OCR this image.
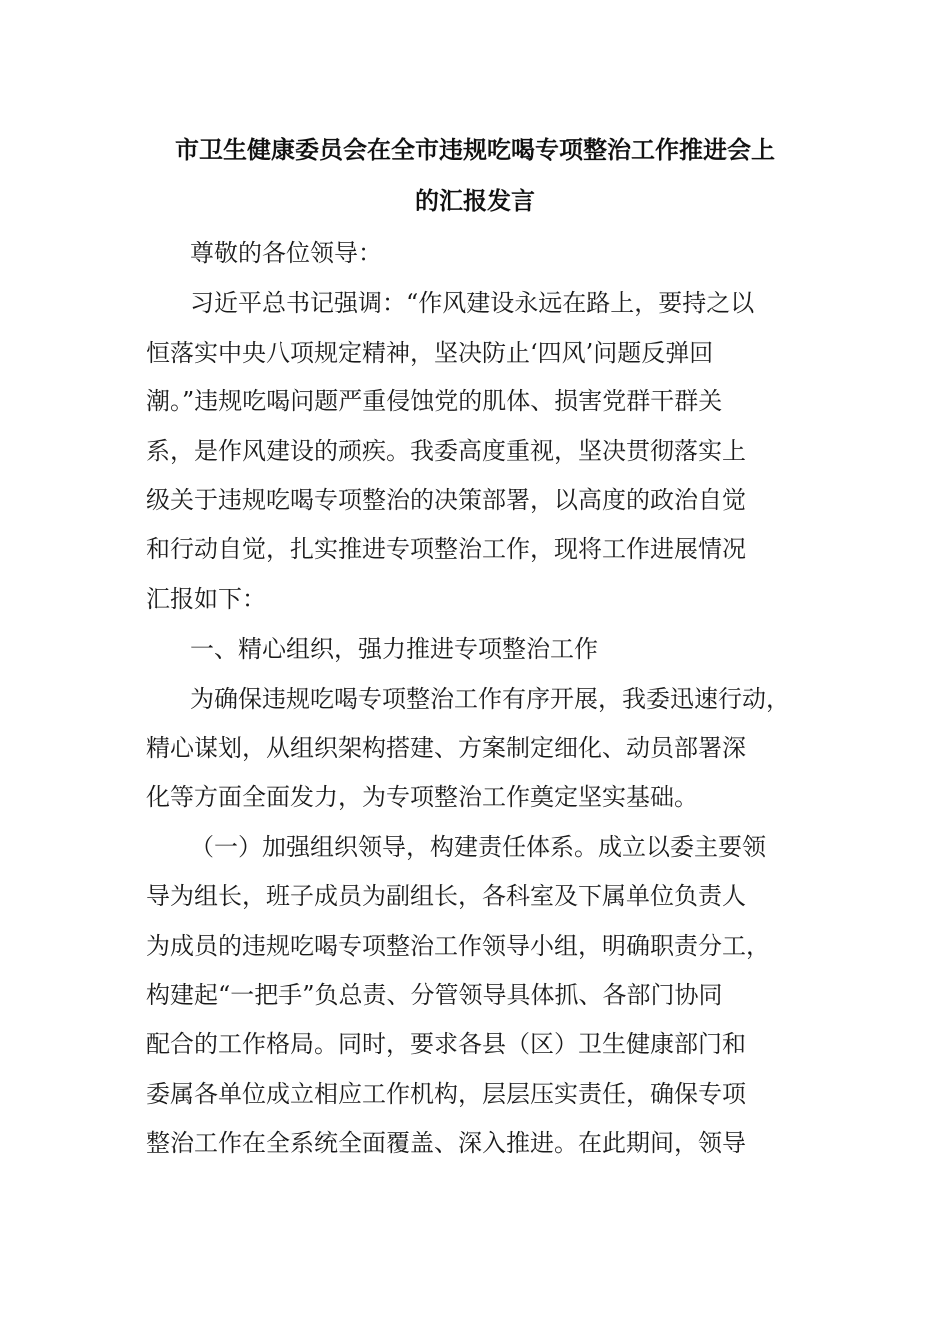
市卫生健康委员会在全市违规吃喝专项整治工作推进会上
的汇报发言
尊敬的各位领导：
习近平总书记强调：“作风建设永远在路上，要持之以
恒落实中央八项规定精神，坚决防止‘四风’问题反弹回
潮。”违规吃喝问题严重侵蚀党的肌体、损害党群干群关
系，是作风建设的顽疾。我委高度重视，坚决贯彻落实上
级关于违规吃喝专项整治的决策部署，以高度的政治自觉
和行动自觉，扎实推进专项整治工作，现将工作进展情况
汇报如下：
一、精心组织，强力推进专项整治工作
为确保违规吃喝专项整治工作有序开展，我委迅速行动，
精心谋划，从组织架构搭建、方案制定细化、动员部署深
化等方面全面发力，为专项整治工作奠定坚实基础。
（一）加强组织领导，构建责任体系。成立以委主要领
导为组长，班子成员为副组长，各科室及下属单位负责人
为成员的违规吃喝专项整治工作领导小组，明确职责分工，
构建起“一把手”负总责、分管领导具体抓、各部门协同
配合的工作格局。同时，要求各县（区）卫生健康部门和
委属各单位成立相应工作机构，层层压实责任，确保专项
整治工作在全系统全面覆盖、深入推进。在此期间，领导
